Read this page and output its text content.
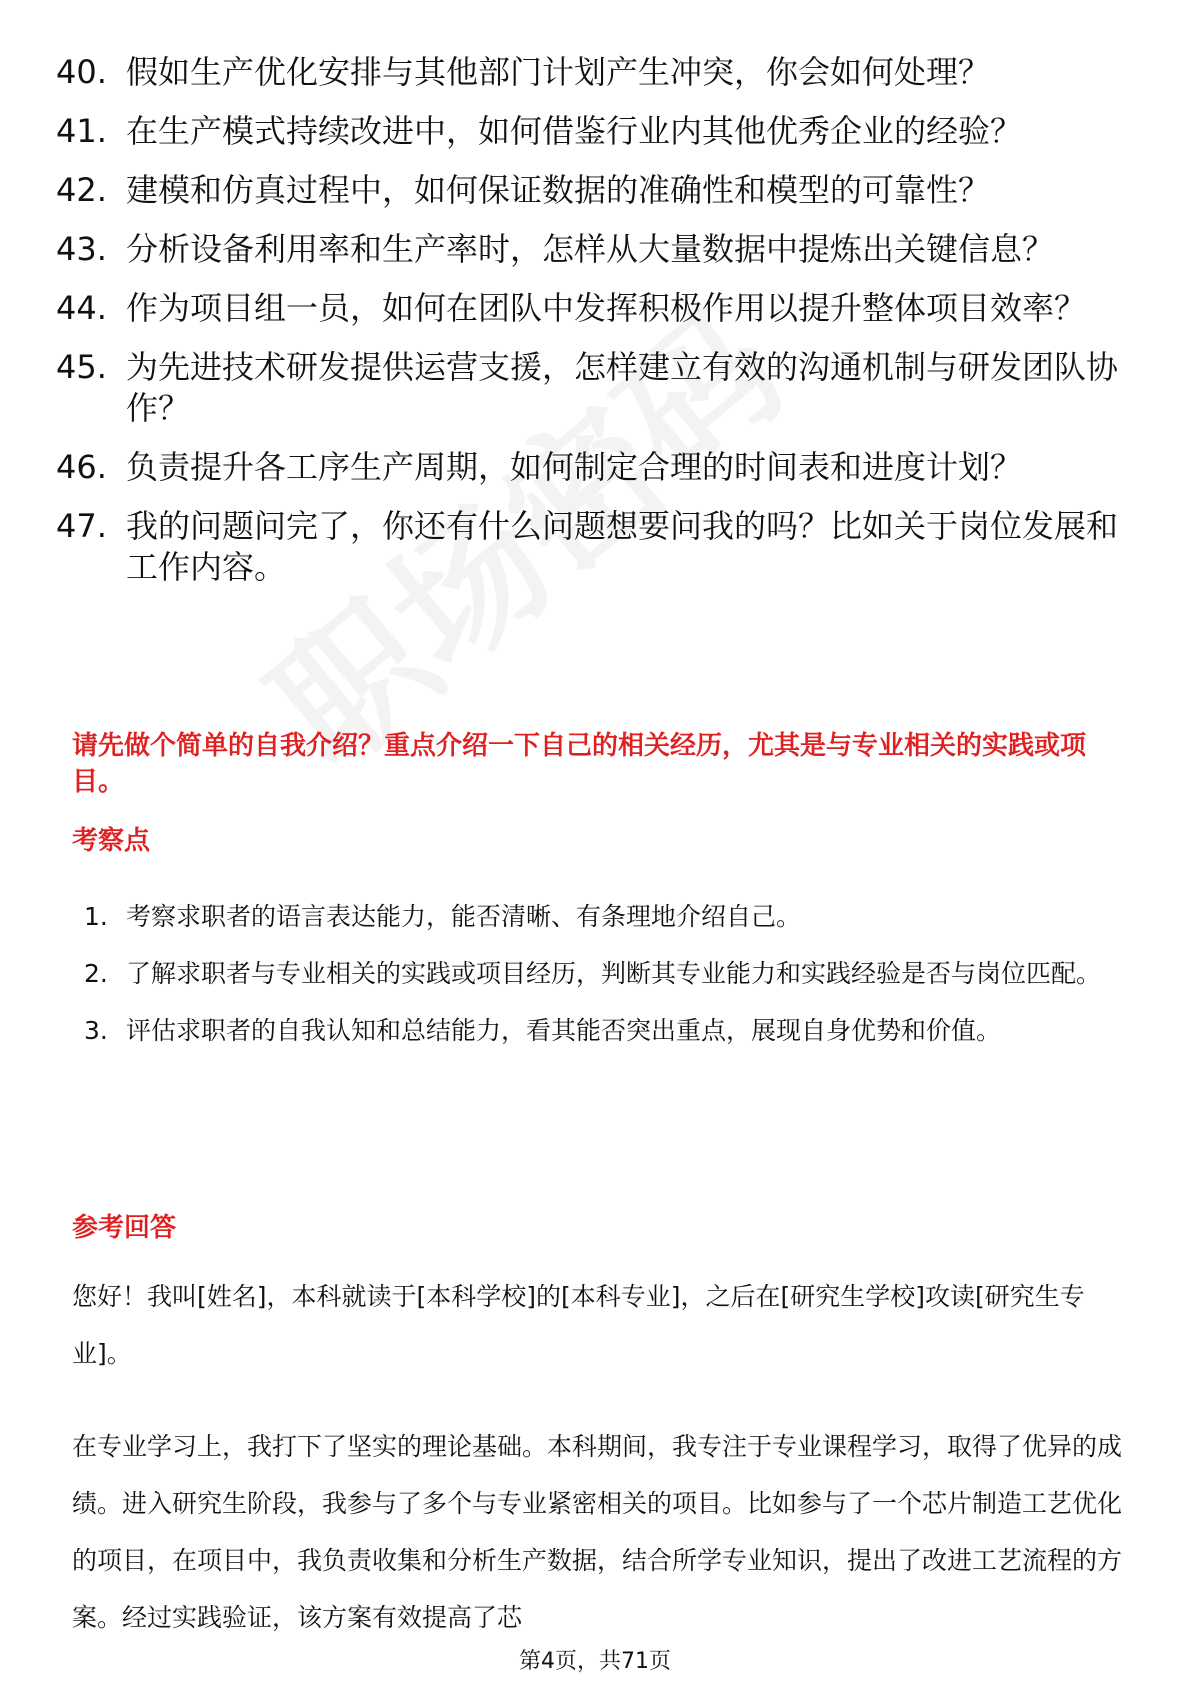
40. 假如生产优化安排与其他部门计划产生冲突，你会如何处理？
41. 在生产模式持续改进中，如何借鉴行业内其他优秀企业的经验？
42. 建模和仿真过程中，如何保证数据的准确性和模型的可靠性？
43. 分析设备利用率和生产率时，怎样从大量数据中提炼出关键信息？
44. 作为项目组一员，如何在团队中发挥积极作用以提升整体项目效率？
45. 为先进技术研发提供运营支援，怎样建立有效的沟通机制与研发团队协作？
46. 负责提升各工序生产周期，如何制定合理的时间表和进度计划？
47. 我的问题问完了，你还有什么问题想要问我的吗？比如关于岗位发展和工作内容。
请先做个简单的自我介绍？重点介绍一下自己的相关经历，尤其是与专业相关的实践或项目。
考察点
1. 考察求职者的语言表达能力，能否清晰、有条理地介绍自己。
2. 了解求职者与专业相关的实践或项目经历，判断其专业能力和实践经验是否与岗位匹配。
3. 评估求职者的自我认知和总结能力，看其能否突出重点，展现自身优势和价值。
参考回答
您好！我叫[姓名]，本科就读于[本科学校]的[本科专业]，之后在[研究生学校]攻读[研究生专业]。
在专业学习上，我打下了坚实的理论基础。本科期间，我专注于专业课程学习，取得了优异的成绩。进入研究生阶段，我参与了多个与专业紧密相关的项目。比如参与了一个芯片制造工艺优化的项目，在项目中，我负责收集和分析生产数据，结合所学专业知识，提出了改进工艺流程的方案。经过实践验证，该方案有效提高了芯
第4页，共71页
